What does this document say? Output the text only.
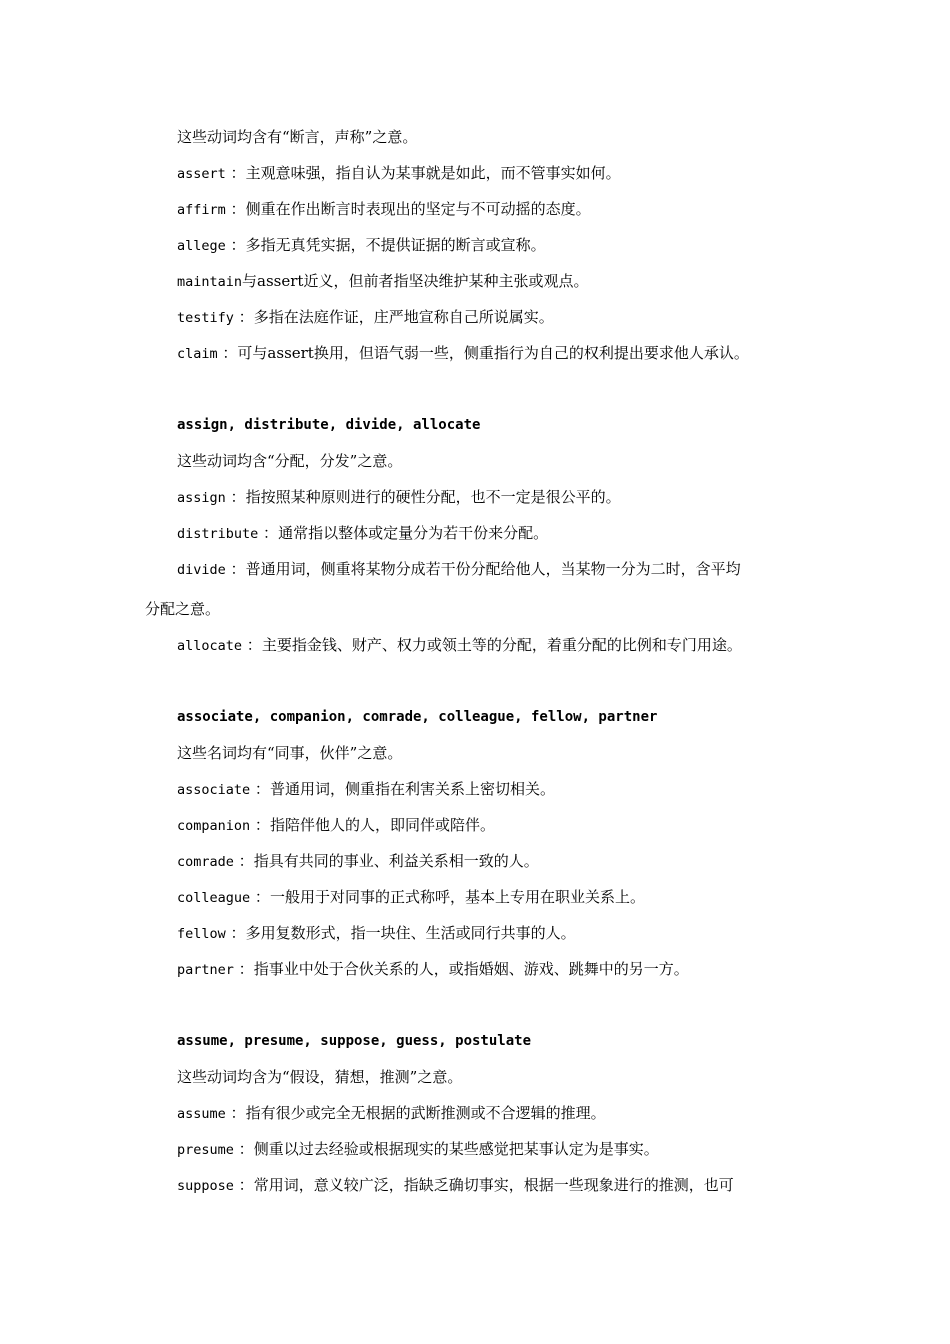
这些动词均含有“断言，声称”之意。
assert ：主观意味强，指自认为某事就是如此，而不管事实如何。
affirm ：侧重在作出断言时表现出的坚定与不可动摇的态度。
allege ：多指无真凭实据，不提供证据的断言或宣称。
maintain与assert近义，但前者指坚决维护某种主张或观点。
testify ：多指在法庭作证，庄严地宣称自己所说属实。
claim ：可与assert换用，但语气弱一些，侧重指行为自己的权利提出要求他人承认。
assign, distribute, divide, allocate
这些动词均含“分配，分发”之意。
assign ：指按照某种原则进行的硬性分配，也不一定是很公平的。
distribute ：通常指以整体或定量分为若干份来分配。
divide ：普通用词，侧重将某物分成若干份分配给他人，当某物一分为二时，含平均
分配之意。
allocate ：主要指金钱、财产、权力或领土等的分配，着重分配的比例和专门用途。
associate, companion, comrade, colleague, fellow, partner
这些名词均有“同事，伙伴”之意。
associate ：普通用词，侧重指在利害关系上密切相关。
companion ：指陪伴他人的人，即同伴或陪伴。
comrade ：指具有共同的事业、利益关系相一致的人。
colleague ：一般用于对同事的正式称呼，基本上专用在职业关系上。
fellow ：多用复数形式，指一块住、生活或同行共事的人。
partner ：指事业中处于合伙关系的人，或指婚姻、游戏、跳舞中的另一方。
assume, presume, suppose, guess, postulate
这些动词均含为“假设，猜想，推测”之意。
assume ：指有很少或完全无根据的武断推测或不合逻辑的推理。
presume ：侧重以过去经验或根据现实的某些感觉把某事认定为是事实。
suppose ：常用词，意义较广泛，指缺乏确切事实，根据一些现象进行的推测，也可
